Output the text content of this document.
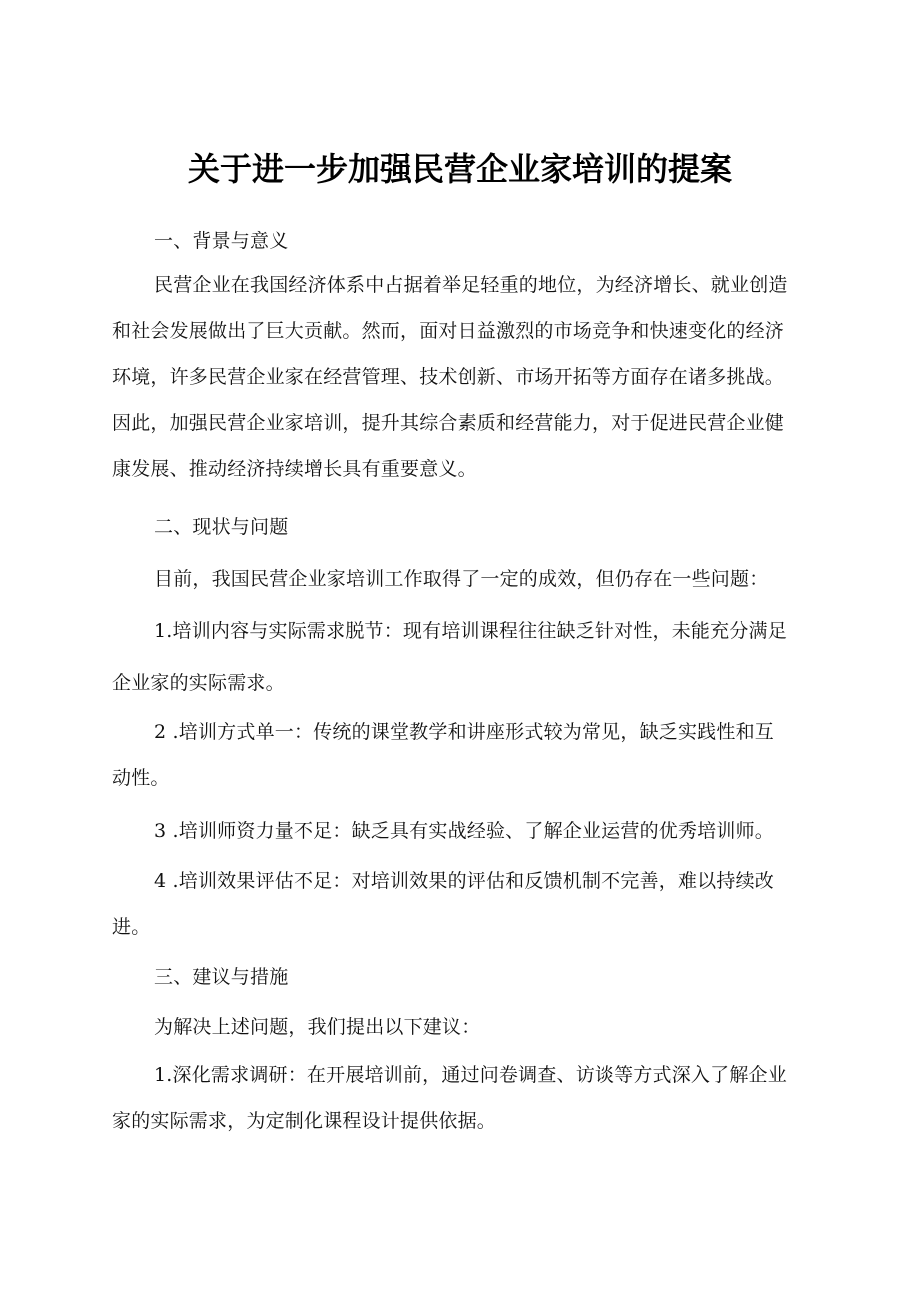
关于进一步加强民营企业家培训的提案
一、背景与意义
民营企业在我国经济体系中占据着举足轻重的地位，为经济增长、就业创造
和社会发展做出了巨大贡献。然而，面对日益激烈的市场竞争和快速变化的经济
环境，许多民营企业家在经营管理、技术创新、市场开拓等方面存在诸多挑战。
因此，加强民营企业家培训，提升其综合素质和经营能力，对于促进民营企业健
康发展、推动经济持续增长具有重要意义。
二、现状与问题
目前，我国民营企业家培训工作取得了一定的成效，但仍存在一些问题：
1.培训内容与实际需求脱节：现有培训课程往往缺乏针对性，未能充分满足
企业家的实际需求。
2 .培训方式单一：传统的课堂教学和讲座形式较为常见，缺乏实践性和互
动性。
3 .培训师资力量不足：缺乏具有实战经验、了解企业运营的优秀培训师。
4 .培训效果评估不足：对培训效果的评估和反馈机制不完善，难以持续改
进。
三、建议与措施
为解决上述问题，我们提出以下建议：
1.深化需求调研：在开展培训前，通过问卷调查、访谈等方式深入了解企业
家的实际需求，为定制化课程设计提供依据。
